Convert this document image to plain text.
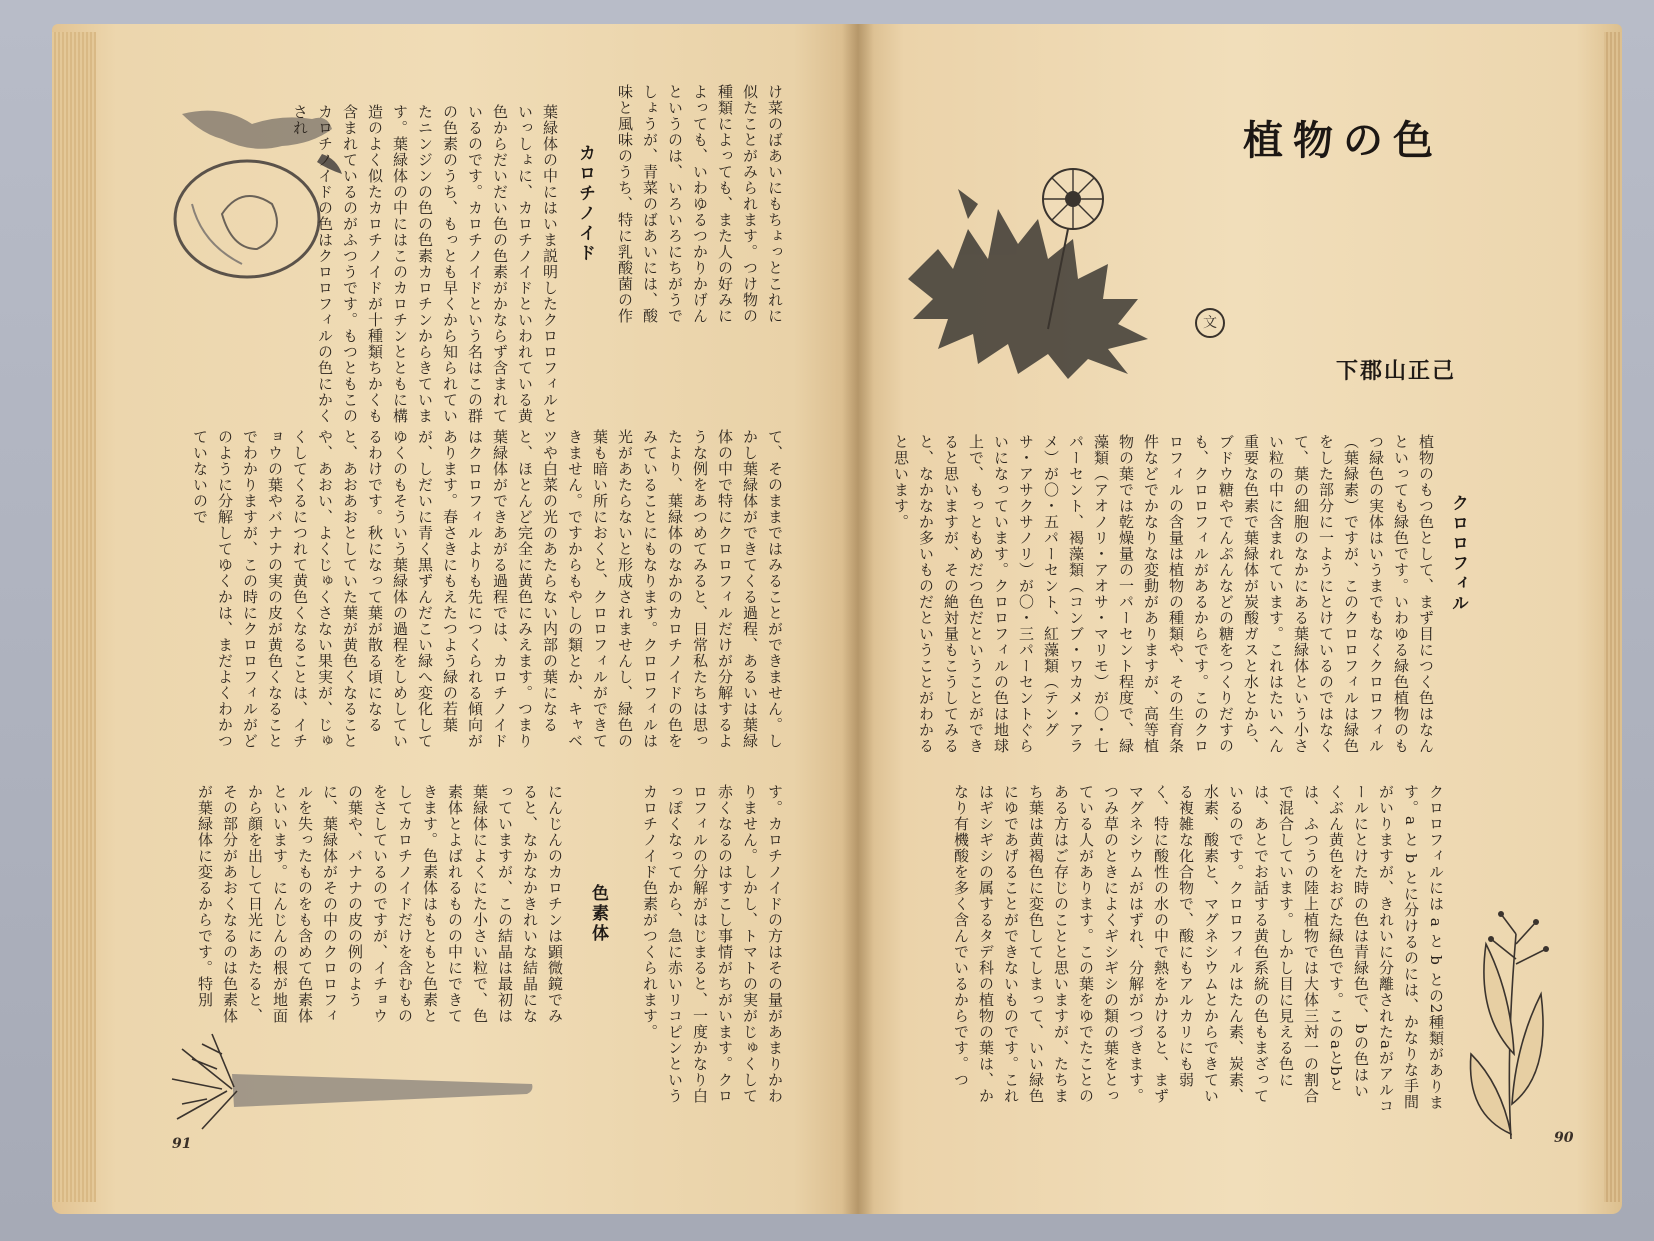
カロチノイド
色素体
け菜のばあいにもちょっとこれに似たことがみられます。つけ物の種類によっても、また人の好みによっても、いわゆるつかりかげんというのは、いろいろにちがうでしょうが、青菜のばあいには、酸味と風味のうち、特に乳酸菌の作
葉緑体の中にはいま説明したクロロフィルといっしょに、カロチノイドといわれている黄色からだいだい色の色素がかならず含まれているのです。カロチノイドという名はこの群の色素のうち、もっとも早くから知られていたニンジンの色の色素カロチンからきています。葉緑体の中にはこのカロチンとともに構造のよく似たカロチノイドが十種類ちかくも含まれているのがふつうです。もつともこのカロチノイドの色はクロロフィルの色にかくされ
て、そのままではみることができません。しかし葉緑体ができてくる過程、あるいは葉緑体の中で特にクロロフィルだけが分解するような例をあつめてみると、日常私たちは思ったより、葉緑体のなかのカロチノイドの色をみていることにもなります。クロロフィルは光があたらないと形成されませんし、緑色の葉も暗い所におくと、クロロフィルができてきません。ですからもやしの類とか、キャベツや白菜の光のあたらない内部の葉になると、ほとんど完全に黄色にみえます。つまり葉緑体ができあがる過程では、カロチノイドはクロロフィルよりも先につくられる傾向があります。春さきにもえたつよう緑の若葉が、しだいに青く黒ずんだこい緑へ変化してゆくのもそういう葉緑体の過程をしめしているわけです。秋になって葉が散る頃になると、あおあおとしていた葉が黄色くなることや、あおい、よくじゅくさない果実が、じゅくしてくるにつれて黄色くなることは、イチョウの葉やバナナの実の皮が黄色くなることでわかりますが、この時にクロロフィルがどのように分解してゆくかは、まだよくわかつていないので
す。カロチノイドの方はその量があまりかわりません。しかし、トマトの実がじゅくして赤くなるのはすこし事情がちがいます。クロロフィルの分解がはじまると、一度かなり白っぽくなってから、急に赤いリコピンというカロチノイド色素がつくられます。
にんじんのカロチンは顕微鏡でみると、なかなかきれいな結晶になっていますが、この結晶は最初は葉緑体によくにた小さい粒で、色素体とよばれるものの中にできてきます。色素体はもともと色素としてカロチノイドだけを含むものをさしているのですが、イチョウの葉や、バナナの皮の例のように、葉緑体がその中のクロロフィルを失ったものをも含めて色素体といいます。にんじんの根が地面から顔を出して日光にあたると、その部分があおくなるのは色素体が葉緑体に変るからです。特別
91
植物の色
文
下郡山正己
クロロフィル
植物のもつ色として、まず目につく色はなんといっても緑色です。いわゆる緑色植物のもつ緑色の実体はいうまでもなくクロロフィル（葉緑素）ですが、このクロロフィルは緑色をした部分に一ようにとけているのではなくて、葉の細胞のなかにある葉緑体という小さい粒の中に含まれています。これはたいへん重要な色素で葉緑体が炭酸ガスと水とから、ブドウ糖やでんぷんなどの糖をつくりだすのも、クロロフィルがあるからです。このクロロフィルの含量は植物の種類や、その生育条件などでかなりな変動がありますが、高等植物の葉では乾燥量の一パーセント程度で、緑藻類（アオノリ・アオサ・マリモ）が〇・七パーセント、褐藻類（コンブ・ワカメ・アラメ）が〇・五パーセント、紅藻類（テングサ・アサクサノリ）が〇・三パーセントぐらいになっています。クロロフィルの色は地球上で、もっともめだつ色だということができると思いますが、その絶対量もこうしてみると、なかなか多いものだということがわかると思います。
クロロフィルには a と b との2種類がありま す。a と b とに分けるのには、かなりな手間がいりますが、きれいに分離されたaがアルコールにとけた時の色は青緑色で、bの色はいくぶん黄色をおびた緑色です。このaとbとは、ふつうの陸上植物では大体三対一の割合で混合しています。しかし目に見える色には、あとでお話する黄色系統の色もまざっているのです。クロロフィルはたん素、炭素、水素、酸素と、マグネシウムとからできている複雑な化合物で、酸にもアルカリにも弱く、特に酸性の水の中で熱をかけると、まずマグネシウムがはずれ、分解がつづきます。つみ草のときによくギシギシの類の葉をとっている人があります。この葉をゆでたことのある方はご存じのことと思いますが、たちまち葉は黄褐色に変色してしまって、いい緑色にゆであげることができないものです。これはギシギシの属するタデ科の植物の葉は、かなり有機酸を多く含んでいるからです。つ
90
